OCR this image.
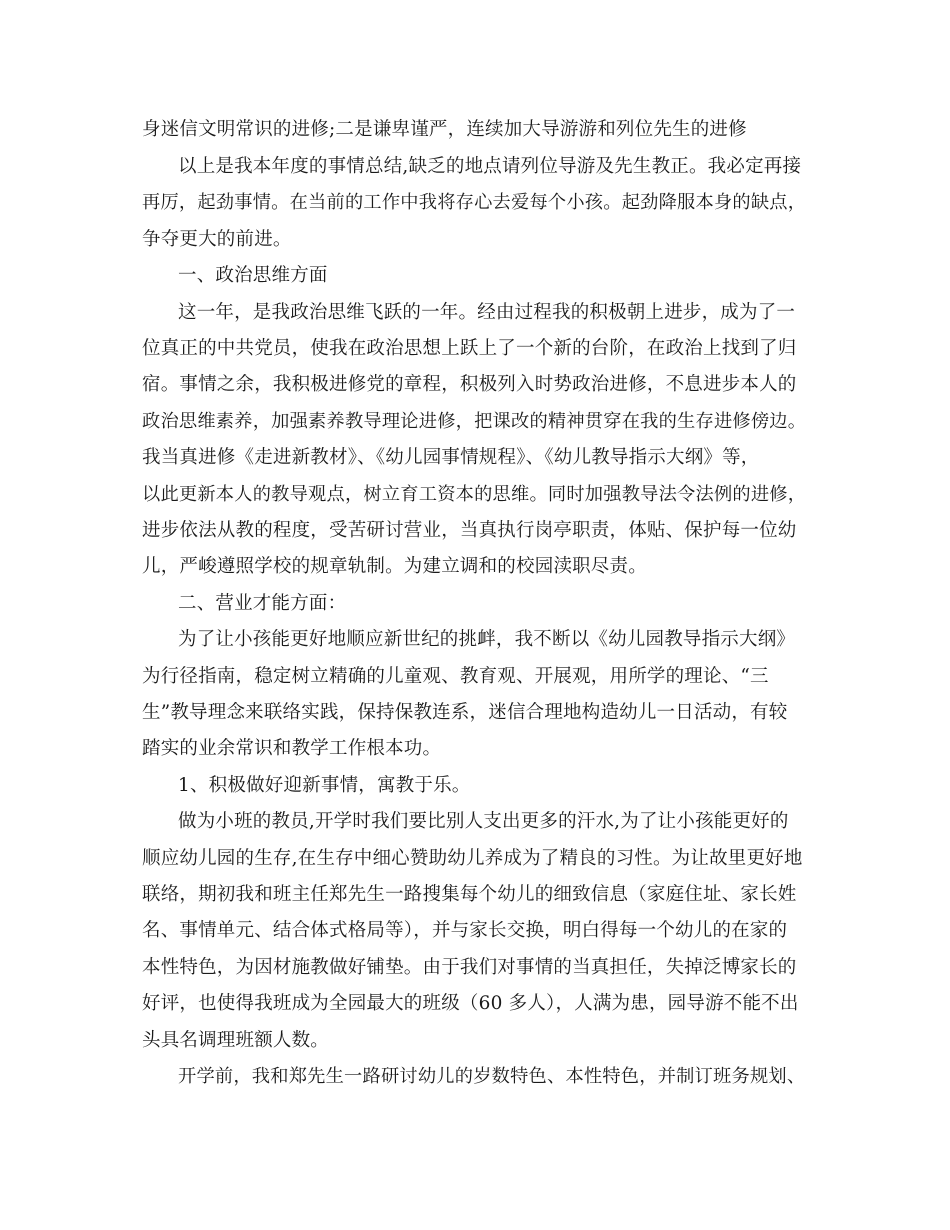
身迷信文明常识的进修;二是谦卑谨严，连续加大导游游和列位先生的进修
以上是我本年度的事情总结,缺乏的地点请列位导游及先生教正。我必定再接
再厉，起劲事情。在当前的工作中我将存心去爱每个小孩。起劲降服本身的缺点，
争夺更大的前进。
一、政治思维方面
这一年，是我政治思维飞跃的一年。经由过程我的积极朝上进步，成为了一
位真正的中共党员，使我在政治思想上跃上了一个新的台阶，在政治上找到了归
宿。事情之余，我积极进修党的章程，积极列入时势政治进修，不息进步本人的
政治思维素养，加强素养教导理论进修，把课改的精神贯穿在我的生存进修傍边。
我当真进修《走进新教材》、《幼儿园事情规程》、《幼儿教导指示大纲》等，
以此更新本人的教导观点，树立育工资本的思维。同时加强教导法令法例的进修，
进步依法从教的程度，受苦研讨营业，当真执行岗亭职责，体贴、保护每一位幼
儿，严峻遵照学校的规章轨制。为建立调和的校园渎职尽责。
二、营业才能方面：
为了让小孩能更好地顺应新世纪的挑衅，我不断以《幼儿园教导指示大纲》
为行径指南，稳定树立精确的儿童观、教育观、开展观，用所学的理论、“三
生”教导理念来联络实践，保持保教连系，迷信合理地构造幼儿一日活动，有较
踏实的业余常识和教学工作根本功。
1、积极做好迎新事情，寓教于乐。
做为小班的教员,开学时我们要比别人支出更多的汗水,为了让小孩能更好的
顺应幼儿园的生存,在生存中细心赞助幼儿养成为了精良的习性。为让故里更好地
联络，期初我和班主任郑先生一路搜集每个幼儿的细致信息（家庭住址、家长姓
名、事情单元、结合体式格局等），并与家长交换，明白得每一个幼儿的在家的
本性特色，为因材施教做好铺垫。由于我们对事情的当真担任，失掉泛博家长的
好评，也使得我班成为全园最大的班级（60 多人），人满为患，园导游不能不出
头具名调理班额人数。
开学前，我和郑先生一路研讨幼儿的岁数特色、本性特色，并制订班务规划、
